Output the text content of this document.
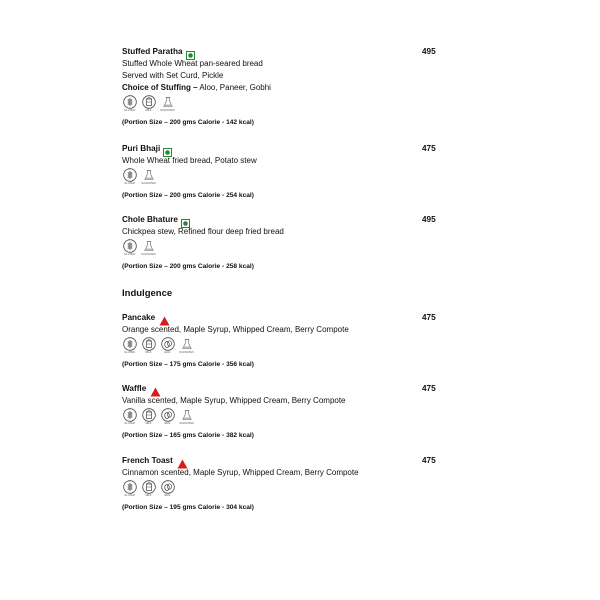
Stuffed Paratha	495
Stuffed Whole Wheat pan-seared bread
Served with Set Curd, Pickle
Choice of Stuffing – Aloo, Paneer, Gobhi
GLUTEN	MILK	SULPHITES
(Portion Size – 200 gms Calorie - 142 kcal)
Puri Bhaji	475
Whole Wheat fried bread, Potato stew
GLUTEN	SULPHITES
(Portion Size – 200 gms Calorie - 254 kcal)
Chole Bhature	495
Chickpea stew, Refined flour deep fried bread
GLUTEN	SULPHITES
(Portion Size – 200 gms Calorie - 258 kcal)
Indulgence
Pancake	475
Orange scented, Maple Syrup, Whipped Cream, Berry Compote
GLUTEN	MILK	EGG	SULPHITES
(Portion Size – 175 gms Calorie - 356 kcal)
Waffle	475
Vanilla scented, Maple Syrup, Whipped Cream, Berry Compote
GLUTEN	MILK	EGG	SULPHITES
(Portion Size – 165 gms Calorie - 382 kcal)
French Toast	475
Cinnamon scented, Maple Syrup, Whipped Cream, Berry Compote
GLUTEN	MILK	EGG
(Portion Size – 195 gms Calorie - 304 kcal)
